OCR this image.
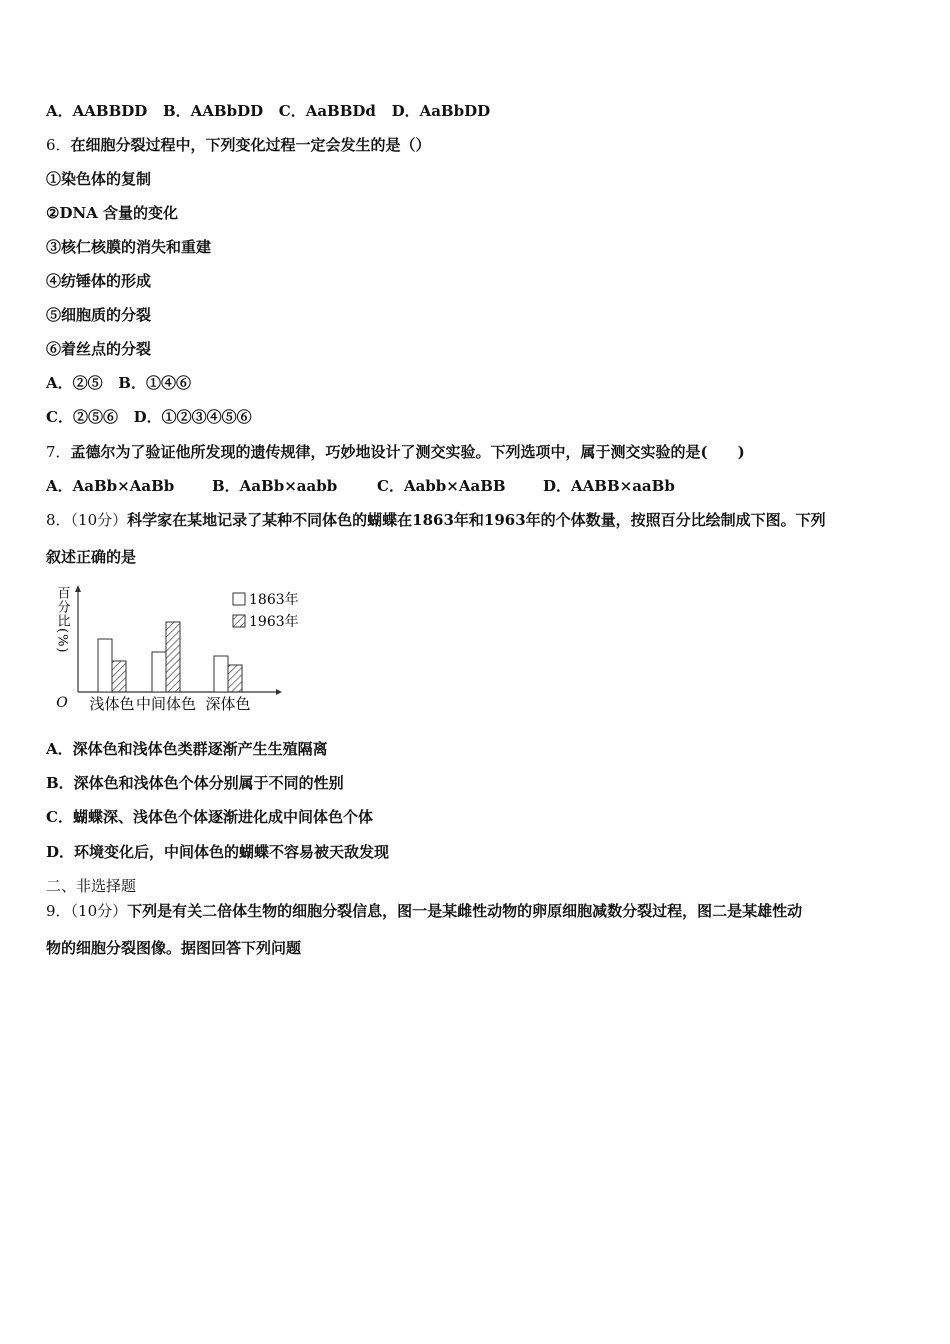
A．AABBDD   B．AABbDD   C．AaBBDd   D．AaBbDD
6．在细胞分裂过程中，下列变化过程一定会发生的是（）
①染色体的复制
②DNA 含量的变化
③核仁核膜的消失和重建
④纺锤体的形成
⑤细胞质的分裂
⑥着丝点的分裂
A．②⑤   B．①④⑥
C．②⑤⑥   D．①②③④⑤⑥
7．孟德尔为了验证他所发现的遗传规律，巧妙地设计了测交实验。下列选项中，属于测交实验的是(　　)
A．AaBb×AaBb	B．AaBb×aabb	C．Aabb×AaBB D．AABB×aaBb
8．（10分）科学家在某地记录了某种不同体色的蝴蝶在1863年和1963年的个体数量，按照百分比绘制成下图。下列
叙述正确的是
O
百分比(%)
浅体色 中间体色 深体色
1863年
1963年
A．深体色和浅体色类群逐渐产生生殖隔离
B．深体色和浅体色个体分别属于不同的性别
C．蝴蝶深、浅体色个体逐渐进化成中间体色个体
D．环境变化后，中间体色的蝴蝶不容易被天敌发现
二、非选择题
9．（10分）下列是有关二倍体生物的细胞分裂信息，图一是某雌性动物的卵原细胞减数分裂过程，图二是某雄性动
物的细胞分裂图像。据图回答下列问题
